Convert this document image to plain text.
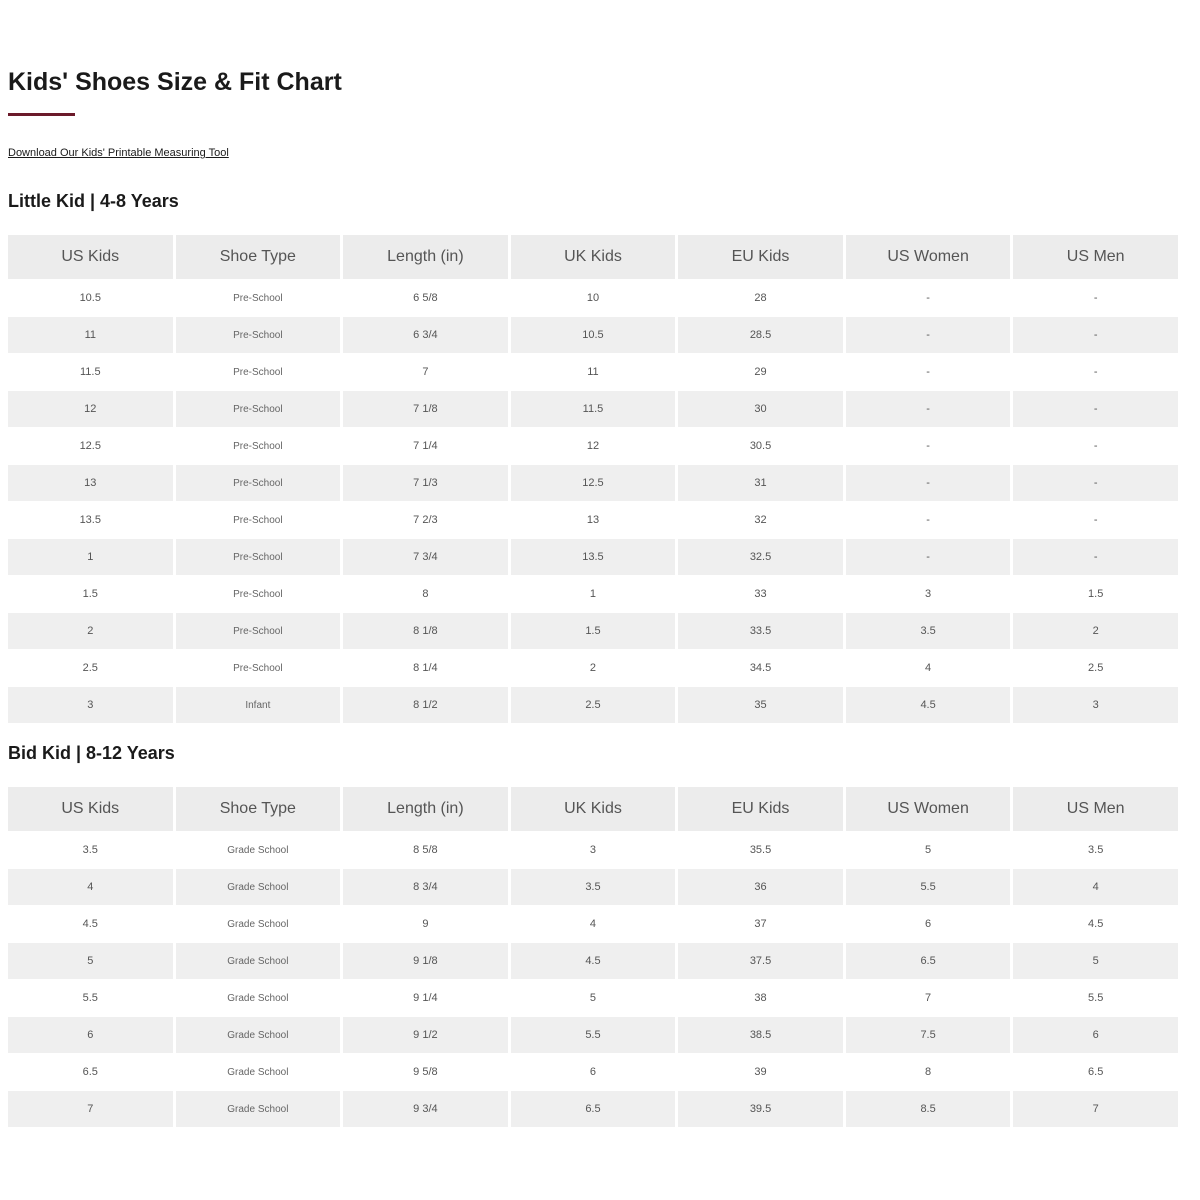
Kids' Shoes Size & Fit Chart
Download Our Kids' Printable Measuring Tool
Little Kid | 4-8 Years
US Kids	Shoe Type	Length (in)	UK Kids	EU Kids	US Women	US Men
10.5	Pre-School	6 5/8	10	28	-	-
11	Pre-School	6 3/4	10.5	28.5	-	-
11.5	Pre-School	7	11	29	-	-
12	Pre-School	7 1/8	11.5	30	-	-
12.5	Pre-School	7 1/4	12	30.5	-	-
13	Pre-School	7 1/3	12.5	31	-	-
13.5	Pre-School	7 2/3	13	32	-	-
1	Pre-School	7 3/4	13.5	32.5	-	-
1.5	Pre-School	8	1	33	3	1.5
2	Pre-School	8 1/8	1.5	33.5	3.5	2
2.5	Pre-School	8 1/4	2	34.5	4	2.5
3	Infant	8 1/2	2.5	35	4.5	3
Bid Kid | 8-12 Years
US Kids	Shoe Type	Length (in)	UK Kids	EU Kids	US Women	US Men
3.5	Grade School	8 5/8	3	35.5	5	3.5
4	Grade School	8 3/4	3.5	36	5.5	4
4.5	Grade School	9	4	37	6	4.5
5	Grade School	9 1/8	4.5	37.5	6.5	5
5.5	Grade School	9 1/4	5	38	7	5.5
6	Grade School	9 1/2	5.5	38.5	7.5	6
6.5	Grade School	9 5/8	6	39	8	6.5
7	Grade School	9 3/4	6.5	39.5	8.5	7
